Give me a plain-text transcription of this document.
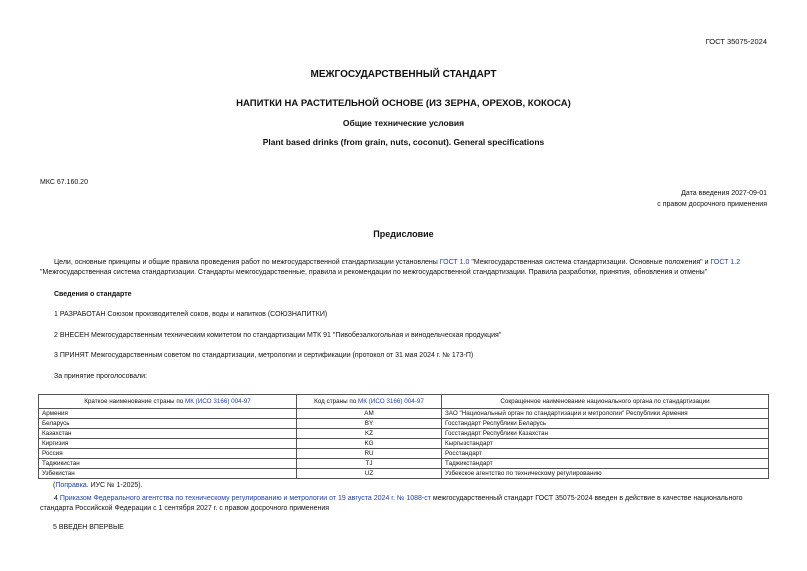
ГОСТ 35075-2024
МЕЖГОСУДАРСТВЕННЫЙ СТАНДАРТ
НАПИТКИ НА РАСТИТЕЛЬНОЙ ОСНОВЕ (ИЗ ЗЕРНА, ОРЕХОВ, КОКОСА)
Общие технические условия
Plant based drinks (from grain, nuts, coconut). General specifications
МКС 67.160.20
Дата введения 2027-09-01
с правом досрочного применения
Предисловие
Цели, основные принципы и общие правила проведения работ по межгосударственной стандартизации установлены ГОСТ 1.0 "Межгосударственная система стандартизации. Основные положения" и ГОСТ 1.2 "Межгосударственная система стандартизации. Стандарты межгосударственные, правила и рекомендации по межгосударственной стандартизации. Правила разработки, принятия, обновления и отмены"
Сведения о стандарте
1 РАЗРАБОТАН Союзом производителей соков, воды и напитков (СОЮЗНАПИТКИ)
2 ВНЕСЕН Межгосударственным техническим комитетом по стандартизации МТК 91 "Пивобезалкогольная и винодельческая продукция"
3 ПРИНЯТ Межгосударственным советом по стандартизации, метрологии и сертификации (протокол от 31 мая 2024 г. № 173-П)
За принятие проголосовали:
Краткое наименование страны по МК (ИСО 3166) 004-97	Код страны по МК (ИСО 3166) 004-97	Сокращенное наименование национального органа по стандартизации
Армения	AM	ЗАО "Национальный орган по стандартизации и метрологии" Республики Армения
Беларусь	BY	Госстандарт Республики Беларусь
Казахстан	KZ	Госстандарт Республики Казахстан
Киргизия	KG	Кыргызстандарт
Россия	RU	Росстандарт
Таджикистан	TJ	Таджикстандарт
Узбекистан	UZ	Узбекское агентство по техническому регулированию
(Поправка. ИУС № 1-2025).
4 Приказом Федерального агентства по техническому регулированию и метрологии от 19 августа 2024 г. № 1088-ст межгосударственный стандарт ГОСТ 35075-2024 введен в действие в качестве национального стандарта Российской Федерации с 1 сентября 2027 г. с правом досрочного применения
5 ВВЕДЕН ВПЕРВЫЕ
